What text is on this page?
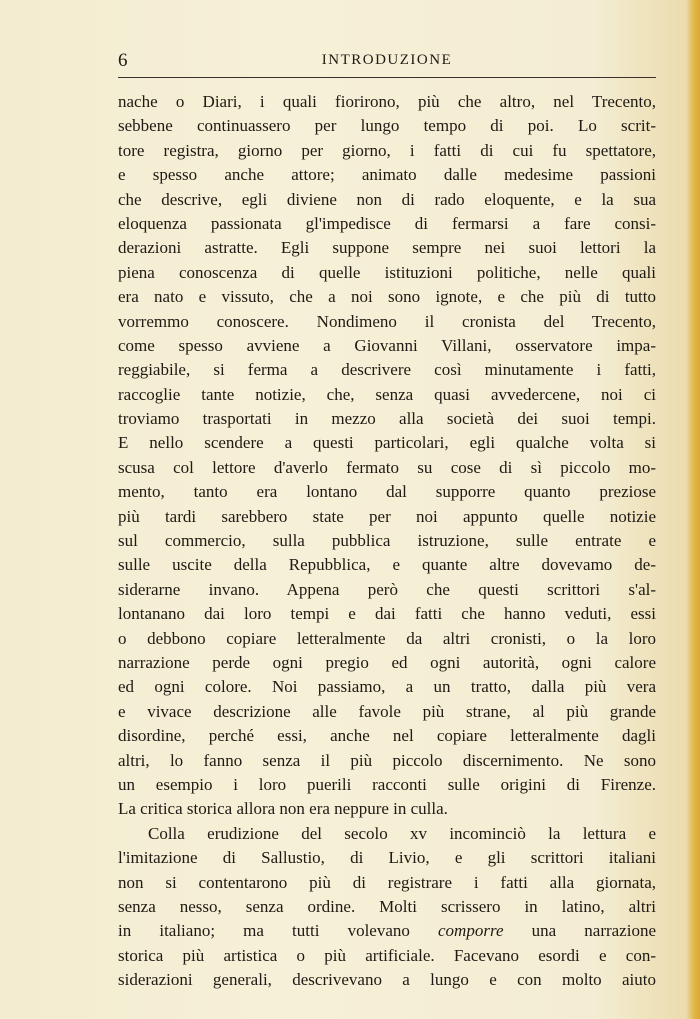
6	INTRODUZIONE
nache o Diari, i quali fiorirono, più che altro, nel Trecento,
sebbene continuassero per lungo tempo di poi. Lo scrit-
tore registra, giorno per giorno, i fatti di cui fu spettatore,
e spesso anche attore; animato dalle medesime passioni
che descrive, egli diviene non di rado eloquente, e la sua
eloquenza passionata gl'impedisce di fermarsi a fare consi-
derazioni astratte. Egli suppone sempre nei suoi lettori la
piena conoscenza di quelle istituzioni politiche, nelle quali
era nato e vissuto, che a noi sono ignote, e che più di tutto
vorremmo conoscere. Nondimeno il cronista del Trecento,
come spesso avviene a Giovanni Villani, osservatore impa-
reggiabile, si ferma a descrivere così minutamente i fatti,
raccoglie tante notizie, che, senza quasi avvedercene, noi ci
troviamo trasportati in mezzo alla società dei suoi tempi.
E nello scendere a questi particolari, egli qualche volta si
scusa col lettore d'averlo fermato su cose di sì piccolo mo-
mento, tanto era lontano dal supporre quanto preziose
più tardi sarebbero state per noi appunto quelle notizie
sul commercio, sulla pubblica istruzione, sulle entrate e
sulle uscite della Repubblica, e quante altre dovevamo de-
siderarne invano. Appena però che questi scrittori s'al-
lontanano dai loro tempi e dai fatti che hanno veduti, essi
o debbono copiare letteralmente da altri cronisti, o la loro
narrazione perde ogni pregio ed ogni autorità, ogni calore
ed ogni colore. Noi passiamo, a un tratto, dalla più vera
e vivace descrizione alle favole più strane, al più grande
disordine, perché essi, anche nel copiare letteralmente dagli
altri, lo fanno senza il più piccolo discernimento. Ne sono
un esempio i loro puerili racconti sulle origini di Firenze.
La critica storica allora non era neppure in culla.
Colla erudizione del secolo xv incominciò la lettura e
l'imitazione di Sallustio, di Livio, e gli scrittori italiani
non si contentarono più di registrare i fatti alla giornata,
senza nesso, senza ordine. Molti scrissero in latino, altri
in italiano; ma tutti volevano comporre una narrazione
storica più artistica o più artificiale. Facevano esordi e con-
siderazioni generali, descrivevano a lungo e con molto aiuto
